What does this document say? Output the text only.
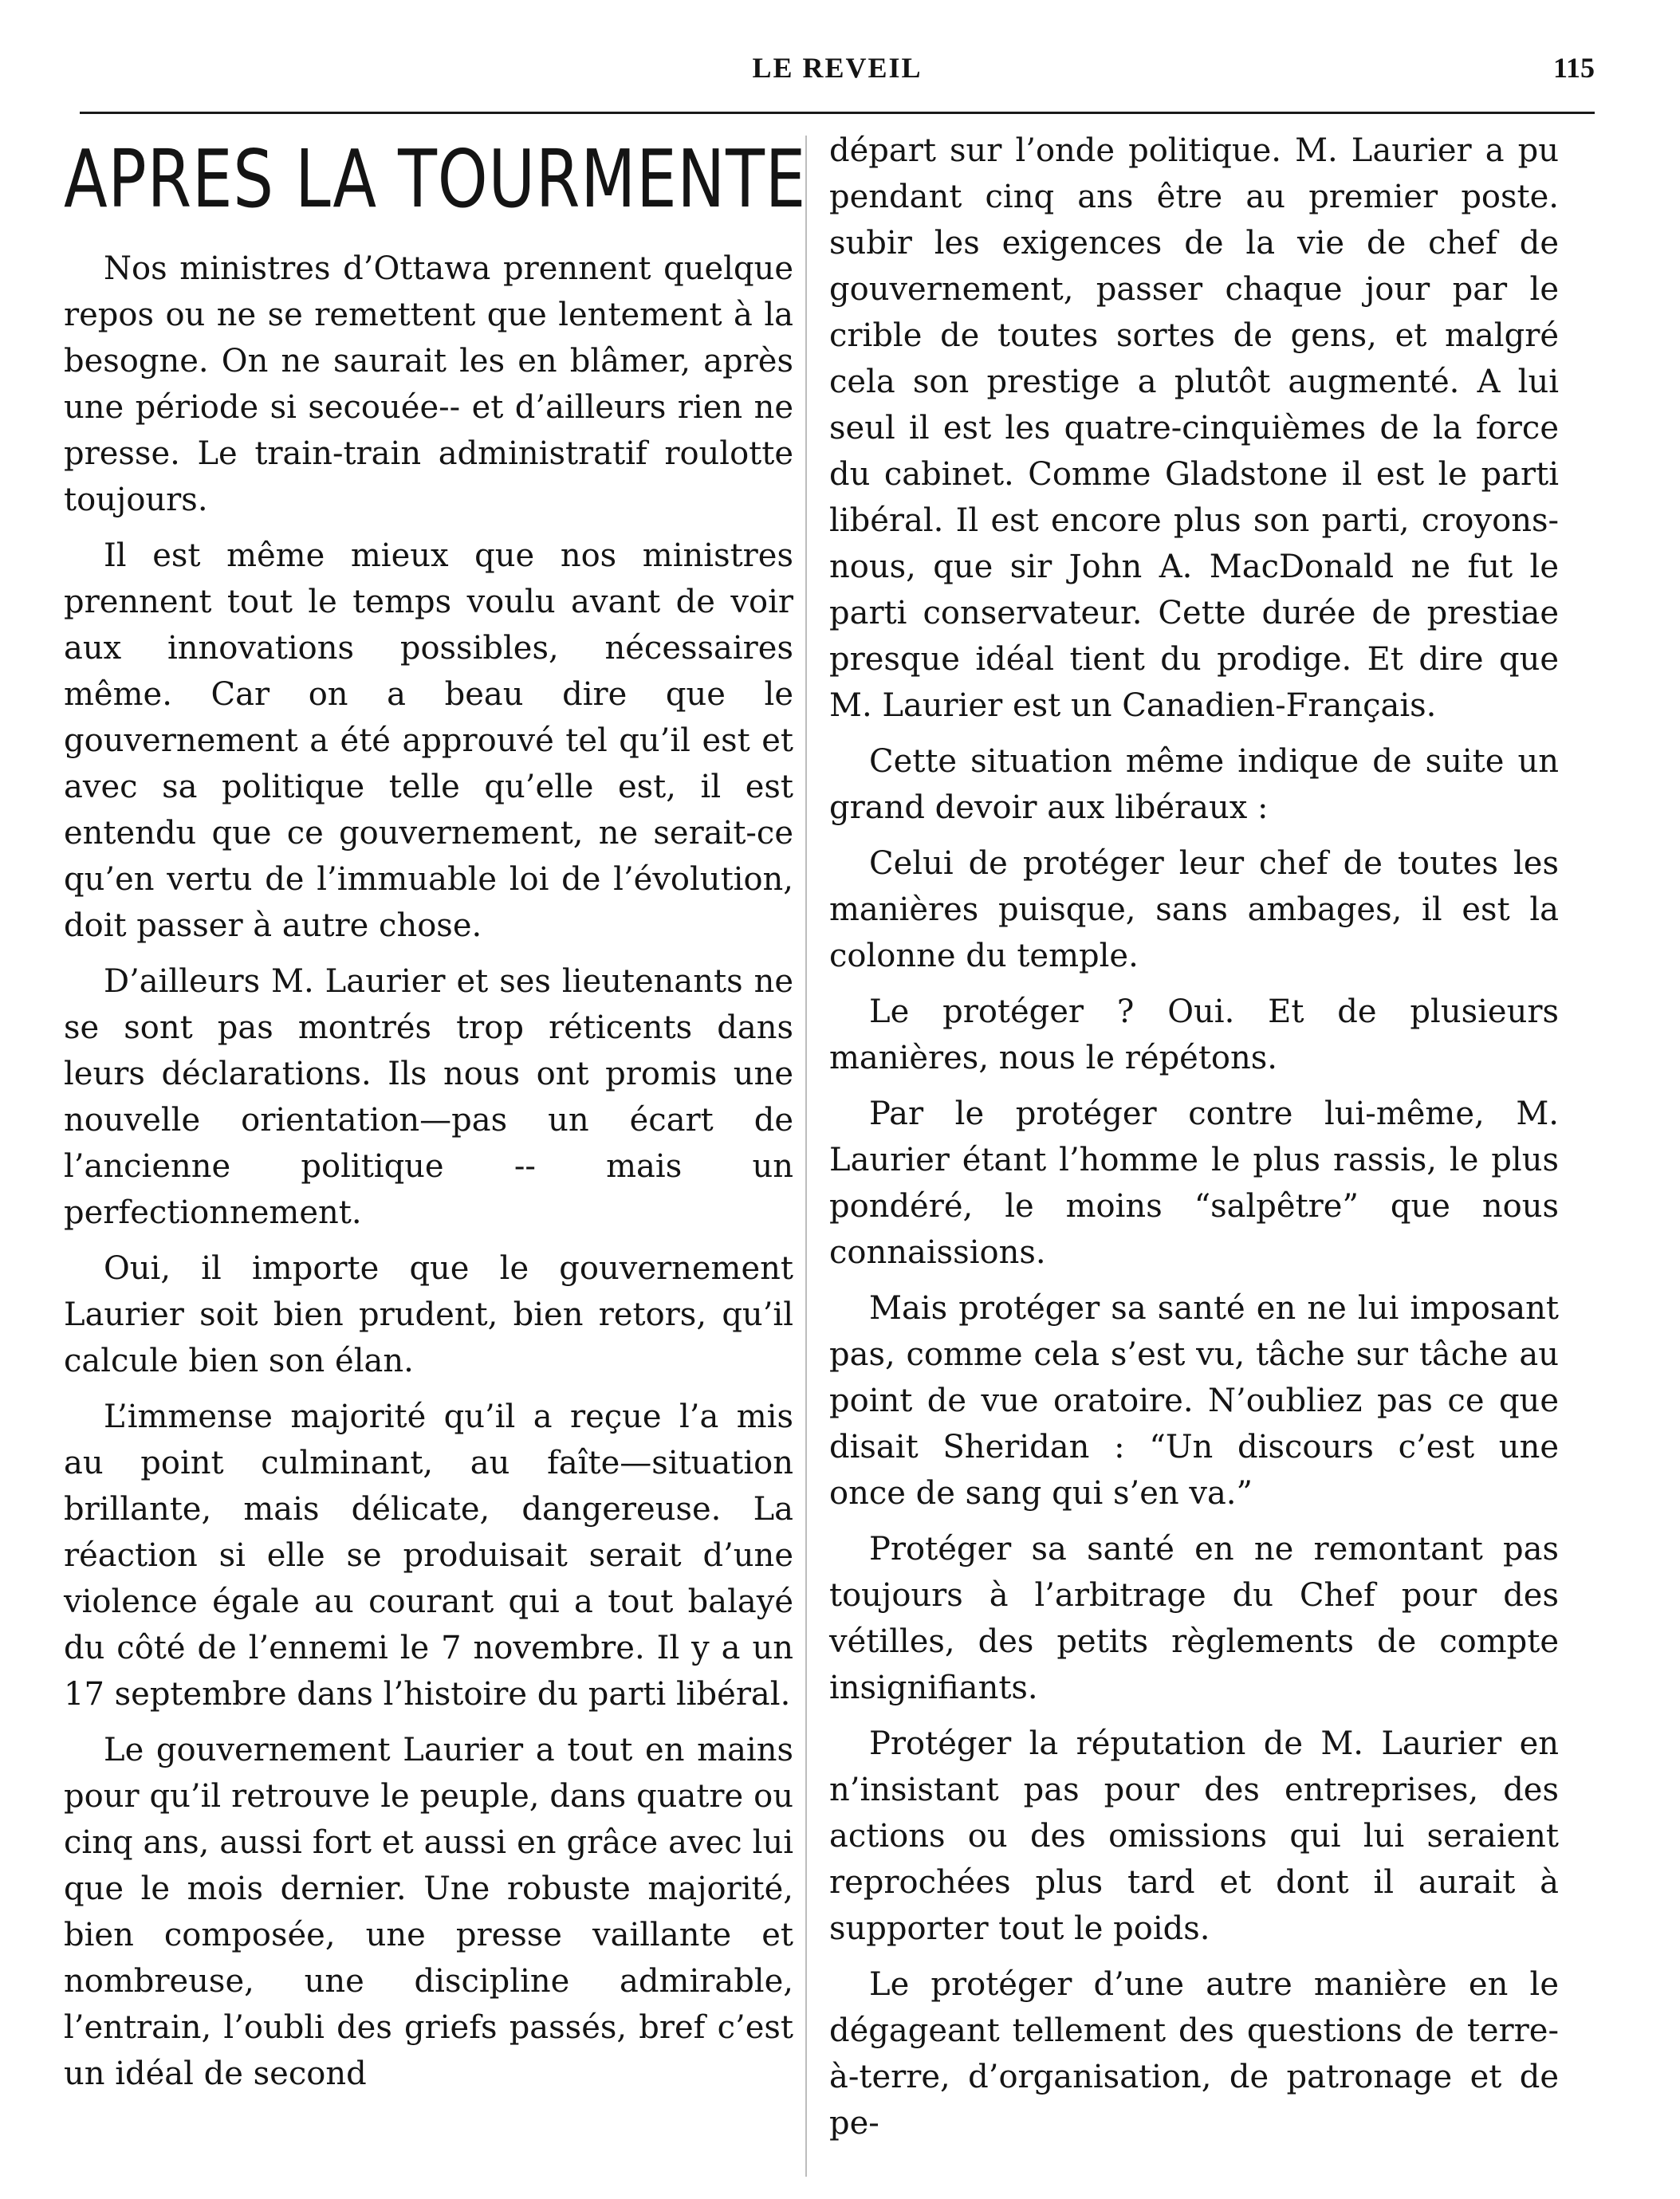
LE REVEIL	115
APRES LA TOURMENTE

Nos ministres d’Ottawa prennent quelque repos ou ne se remettent que lentement à la besogne. On ne saurait les en blâmer, après une période si secouée-- et d’ailleurs rien ne presse. Le train-train administratif roulotte toujours.

Il est même mieux que nos ministres prennent tout le temps voulu avant de voir aux innovations possibles, nécessaires même. Car on a beau dire que le gouvernement a été approuvé tel qu’il est et avec sa politique telle qu’elle est, il est entendu que ce gouvernement, ne serait-ce qu’en vertu de l’immuable loi de l’évolution, doit passer à autre chose.

D’ailleurs M. Laurier et ses lieutenants ne se sont pas montrés trop réticents dans leurs déclarations. Ils nous ont promis une nouvelle orientation—pas un écart de l’ancienne politique -- mais un perfectionnement.

Oui, il importe que le gouvernement Laurier soit bien prudent, bien retors, qu’il calcule bien son élan.

L’immense majorité qu’il a reçue l’a mis au point culminant, au faîte—situation brillante, mais délicate, dangereuse. La réaction si elle se produisait serait d’une violence égale au courant qui a tout balayé du côté de l’ennemi le 7 novembre. Il y a un 17 septembre dans l’histoire du parti libéral.

Le gouvernement Laurier a tout en mains pour qu’il retrouve le peuple, dans quatre ou cinq ans, aussi fort et aussi en grâce avec lui que le mois dernier. Une robuste majorité, bien composée, une presse vaillante et nombreuse, une discipline admirable, l’entrain, l’oubli des griefs passés, bref c’est un idéal de second

départ sur l’onde politique. M. Laurier a pu pendant cinq ans être au premier poste. subir les exigences de la vie de chef de gouvernement, passer chaque jour par le crible de toutes sortes de gens, et malgré cela son prestige a plutôt augmenté. A lui seul il est les quatre-cinquièmes de la force du cabinet. Comme Gladstone il est le parti libéral. Il est encore plus son parti, croyons-nous, que sir John A. MacDonald ne fut le parti conservateur. Cette durée de prestiae presque idéal tient du prodige. Et dire que M. Laurier est un Canadien-Français.

Cette situation même indique de suite un grand devoir aux libéraux :

Celui de protéger leur chef de toutes les manières puisque, sans ambages, il est la colonne du temple.

Le protéger ? Oui. Et de plusieurs manières, nous le répétons.

Par le protéger contre lui-même, M. Laurier étant l’homme le plus rassis, le plus pondéré, le moins “salpêtre” que nous connaissions.

Mais protéger sa santé en ne lui imposant pas, comme cela s’est vu, tâche sur tâche au point de vue oratoire. N’oubliez pas ce que disait Sheridan : “Un discours c’est une once de sang qui s’en va.”

Protéger sa santé en ne remontant pas toujours à l’arbitrage du Chef pour des vétilles, des petits règlements de compte insignifiants.

Protéger la réputation de M. Laurier en n’insistant pas pour des entreprises, des actions ou des omissions qui lui seraient reprochées plus tard et dont il aurait à supporter tout le poids.

Le protéger d’une autre manière en le dégageant tellement des questions de terre-à-terre, d’organisation, de patronage et de pe-
